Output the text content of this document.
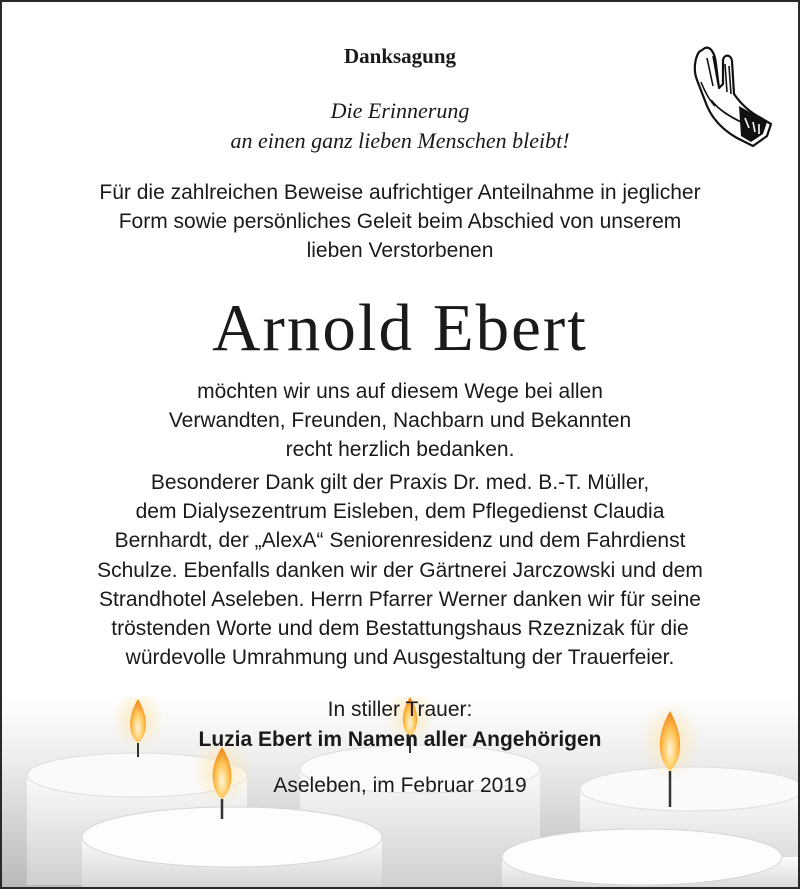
Danksagung
Die Erinnerung
an einen ganz lieben Menschen bleibt!
Für die zahlreichen Beweise aufrichtiger Anteilnahme in jeglicher
Form sowie persönliches Geleit beim Abschied von unserem
lieben Verstorbenen
Arnold Ebert
möchten wir uns auf diesem Wege bei allen
Verwandten, Freunden, Nachbarn und Bekannten
recht herzlich bedanken.
Besonderer Dank gilt der Praxis Dr. med. B.-T. Müller,
dem Dialysezentrum Eisleben, dem Pflegedienst Claudia
Bernhardt, der „AlexA“ Seniorenresidenz und dem Fahrdienst
Schulze. Ebenfalls danken wir der Gärtnerei Jarczowski und dem
Strandhotel Aseleben. Herrn Pfarrer Werner danken wir für seine
tröstenden Worte und dem Bestattungshaus Rzeznizak für die
würdevolle Umrahmung und Ausgestaltung der Trauerfeier.
In stiller Trauer:
Luzia Ebert im Namen aller Angehörigen
Aseleben, im Februar 2019
